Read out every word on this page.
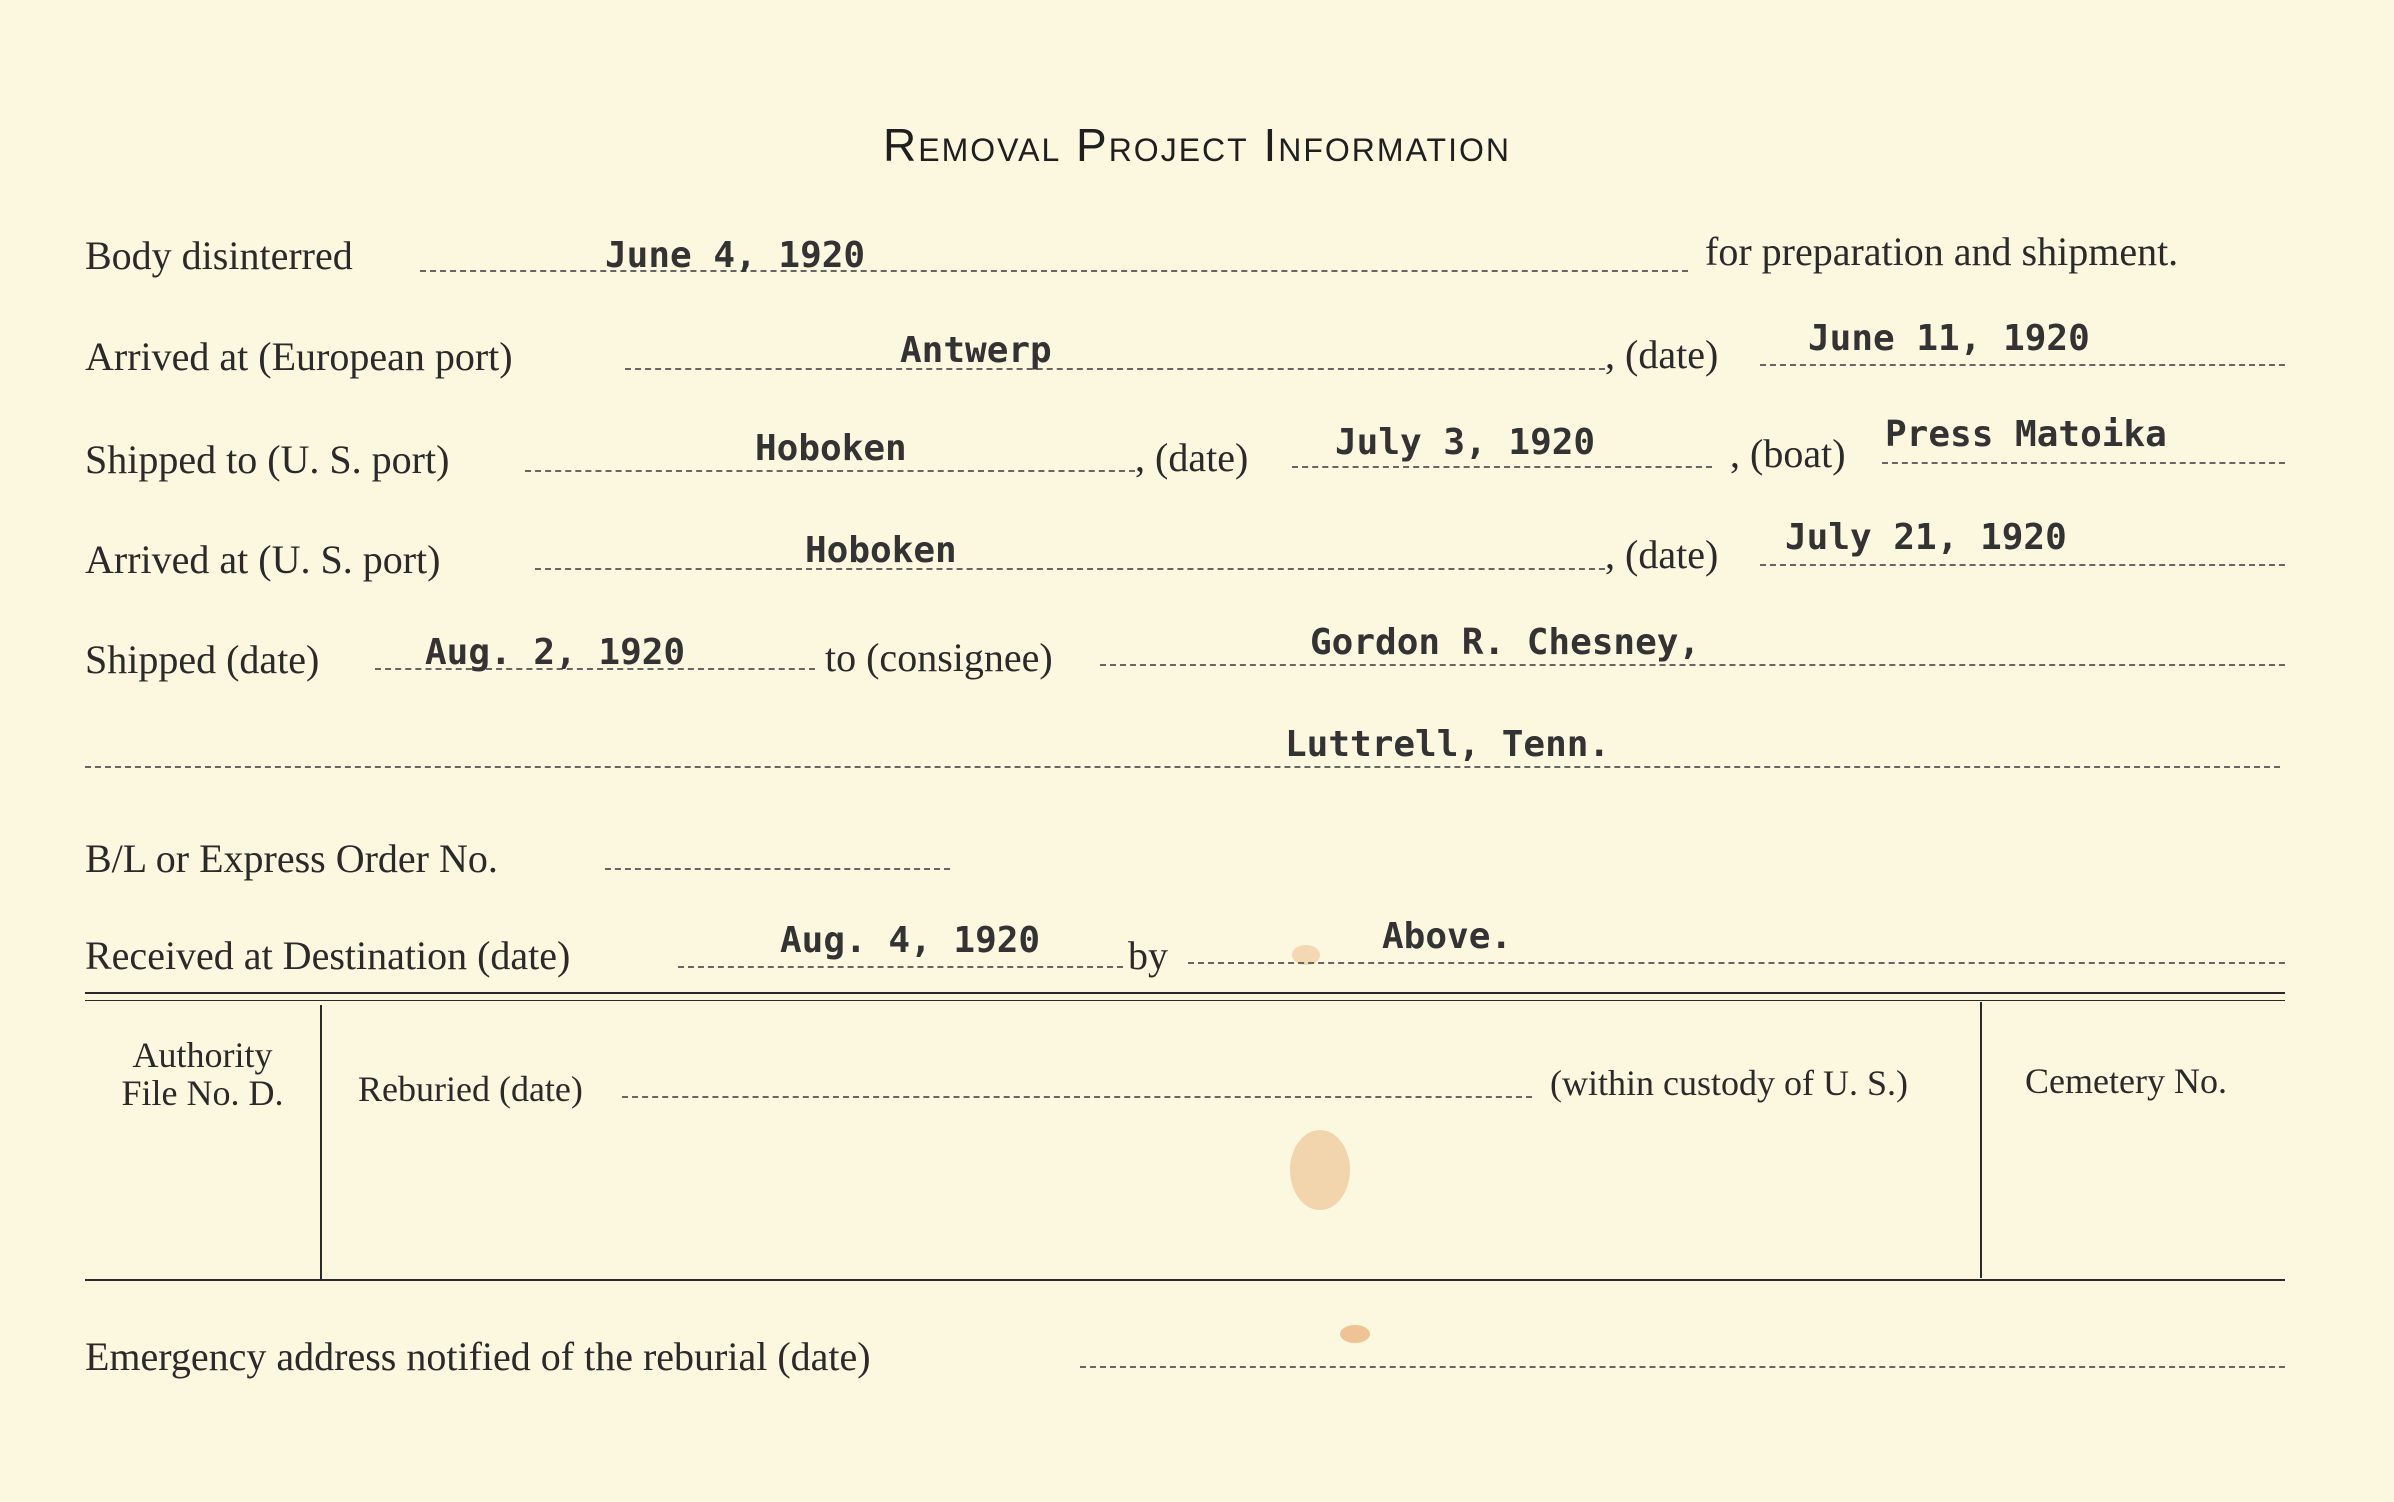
Removal Project Information
Body disinterred	June 4, 1920	for preparation and shipment.
Arrived at (European port)	Antwerp	, (date) June 11, 1920
Shipped to (U. S. port)	Hoboken	, (date) July 3, 1920	, (boat) Press Matoika
Arrived at (U. S. port)	Hoboken	, (date) July 21, 1920
Shipped (date)	Aug. 2, 1920	to (consignee)	Gordon R. Chesney,
Luttrell, Tenn.
B/L or Express Order No.
Received at Destination (date)	Aug. 4, 1920 by	Above.
Authority
File No. D.	Reburied (date)	(within custody of U. S.)	Cemetery No.
Emergency address notified of the reburial (date)
